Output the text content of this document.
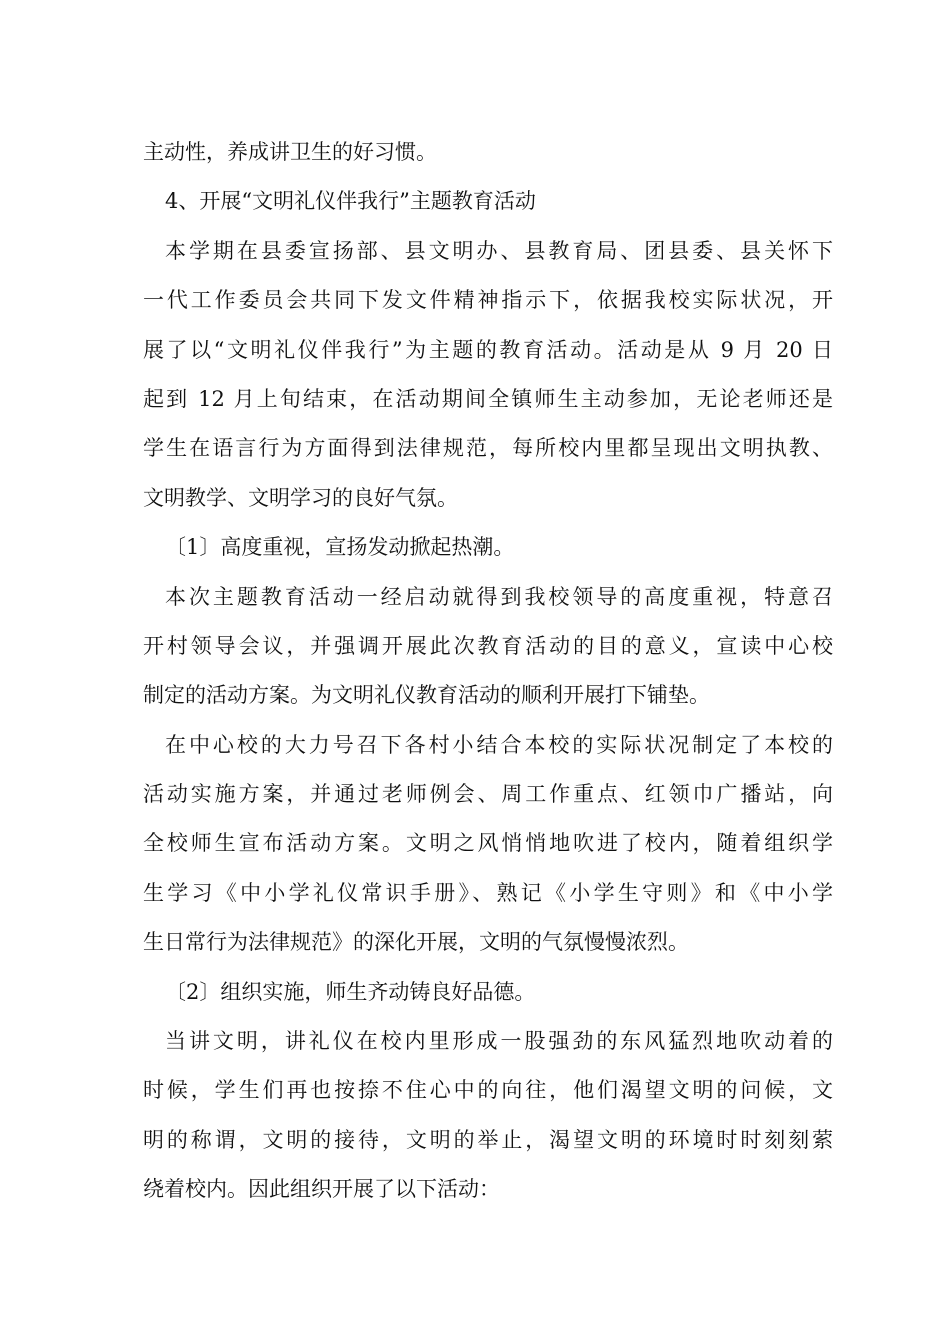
主动性，养成讲卫生的好习惯。
4、开展“文明礼仪伴我行”主题教育活动
本学期在县委宣扬部、县文明办、县教育局、团县委、县关怀下
一代工作委员会共同下发文件精神指示下，依据我校实际状况，开
展了以“文明礼仪伴我行”为主题的教育活动。活动是从 9 月 20 日
起到 12 月上旬结束，在活动期间全镇师生主动参加，无论老师还是
学生在语言行为方面得到法律规范，每所校内里都呈现出文明执教、
文明教学、文明学习的良好气氛。
〔1〕高度重视，宣扬发动掀起热潮。
本次主题教育活动一经启动就得到我校领导的高度重视，特意召
开村领导会议，并强调开展此次教育活动的目的意义，宣读中心校
制定的活动方案。为文明礼仪教育活动的顺利开展打下铺垫。
在中心校的大力号召下各村小结合本校的实际状况制定了本校的
活动实施方案，并通过老师例会、周工作重点、红领巾广播站，向
全校师生宣布活动方案。文明之风悄悄地吹进了校内，随着组织学
生学习《中小学礼仪常识手册》、熟记《小学生守则》和《中小学
生日常行为法律规范》的深化开展，文明的气氛慢慢浓烈。
〔2〕组织实施，师生齐动铸良好品德。
当讲文明，讲礼仪在校内里形成一股强劲的东风猛烈地吹动着的
时候，学生们再也按捺不住心中的向往，他们渴望文明的问候，文
明的称谓，文明的接待，文明的举止，渴望文明的环境时时刻刻萦
绕着校内。因此组织开展了以下活动：
